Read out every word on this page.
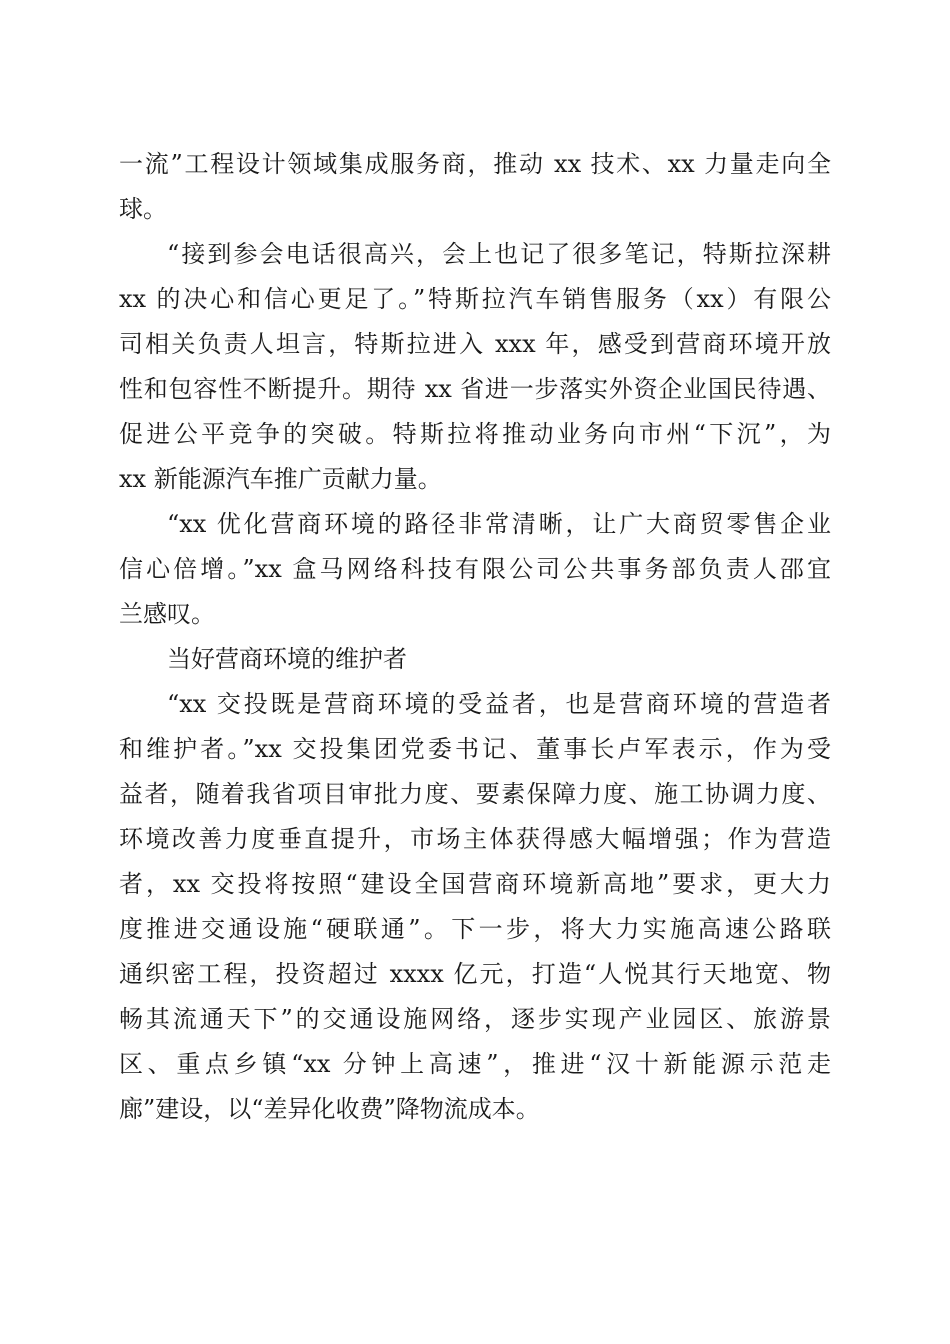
一流”工程设计领域集成服务商，推动 xx 技术、xx 力量走向全
球。
“接到参会电话很高兴，会上也记了很多笔记，特斯拉深耕
xx 的决心和信心更足了。”特斯拉汽车销售服务（xx）有限公
司相关负责人坦言，特斯拉进入 xxx 年，感受到营商环境开放
性和包容性不断提升。期待 xx 省进一步落实外资企业国民待遇、
促进公平竞争的突破。特斯拉将推动业务向市州“下沉”，为
xx 新能源汽车推广贡献力量。
“xx 优化营商环境的路径非常清晰，让广大商贸零售企业
信心倍增。”xx 盒马网络科技有限公司公共事务部负责人邵宜
兰感叹。
当好营商环境的维护者
“xx 交投既是营商环境的受益者，也是营商环境的营造者
和维护者。”xx 交投集团党委书记、董事长卢军表示，作为受
益者，随着我省项目审批力度、要素保障力度、施工协调力度、
环境改善力度垂直提升，市场主体获得感大幅增强；作为营造
者，xx 交投将按照“建设全国营商环境新高地”要求，更大力
度推进交通设施“硬联通”。下一步，将大力实施高速公路联
通织密工程，投资超过 xxxx 亿元，打造“人悦其行天地宽、物
畅其流通天下”的交通设施网络，逐步实现产业园区、旅游景
区、重点乡镇“xx 分钟上高速”，推进“汉十新能源示范走
廊”建设，以“差异化收费”降物流成本。
